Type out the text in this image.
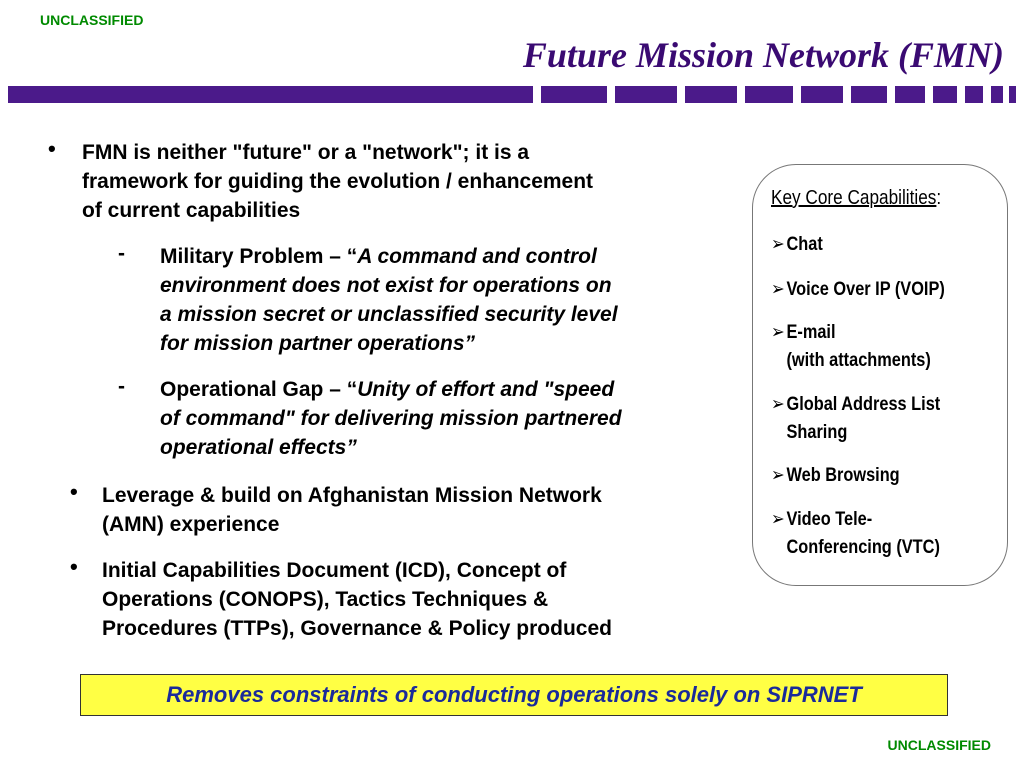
UNCLASSIFIED
Future Mission Network (FMN)
• FMN is neither "future" or a "network"; it is a
framework for guiding the evolution / enhancement
of current capabilities
- Military Problem – “A command and control
environment does not exist for operations on
a mission secret or unclassified security level
for mission partner operations”
- Operational Gap – “Unity of effort and "speed
of command" for delivering mission partnered
operational effects”
• Leverage & build on Afghanistan Mission Network
(AMN) experience
• Initial Capabilities Document (ICD), Concept of
Operations (CONOPS), Tactics Techniques &
Procedures (TTPs), Governance & Policy produced
Key Core Capabilities:
➢Chat
➢Voice Over IP (VOIP)
➢E-mail
(with attachments)
➢Global Address List
Sharing
➢Web Browsing
➢Video Tele-
Conferencing (VTC)
Removes constraints of conducting operations solely on SIPRNET
UNCLASSIFIED
